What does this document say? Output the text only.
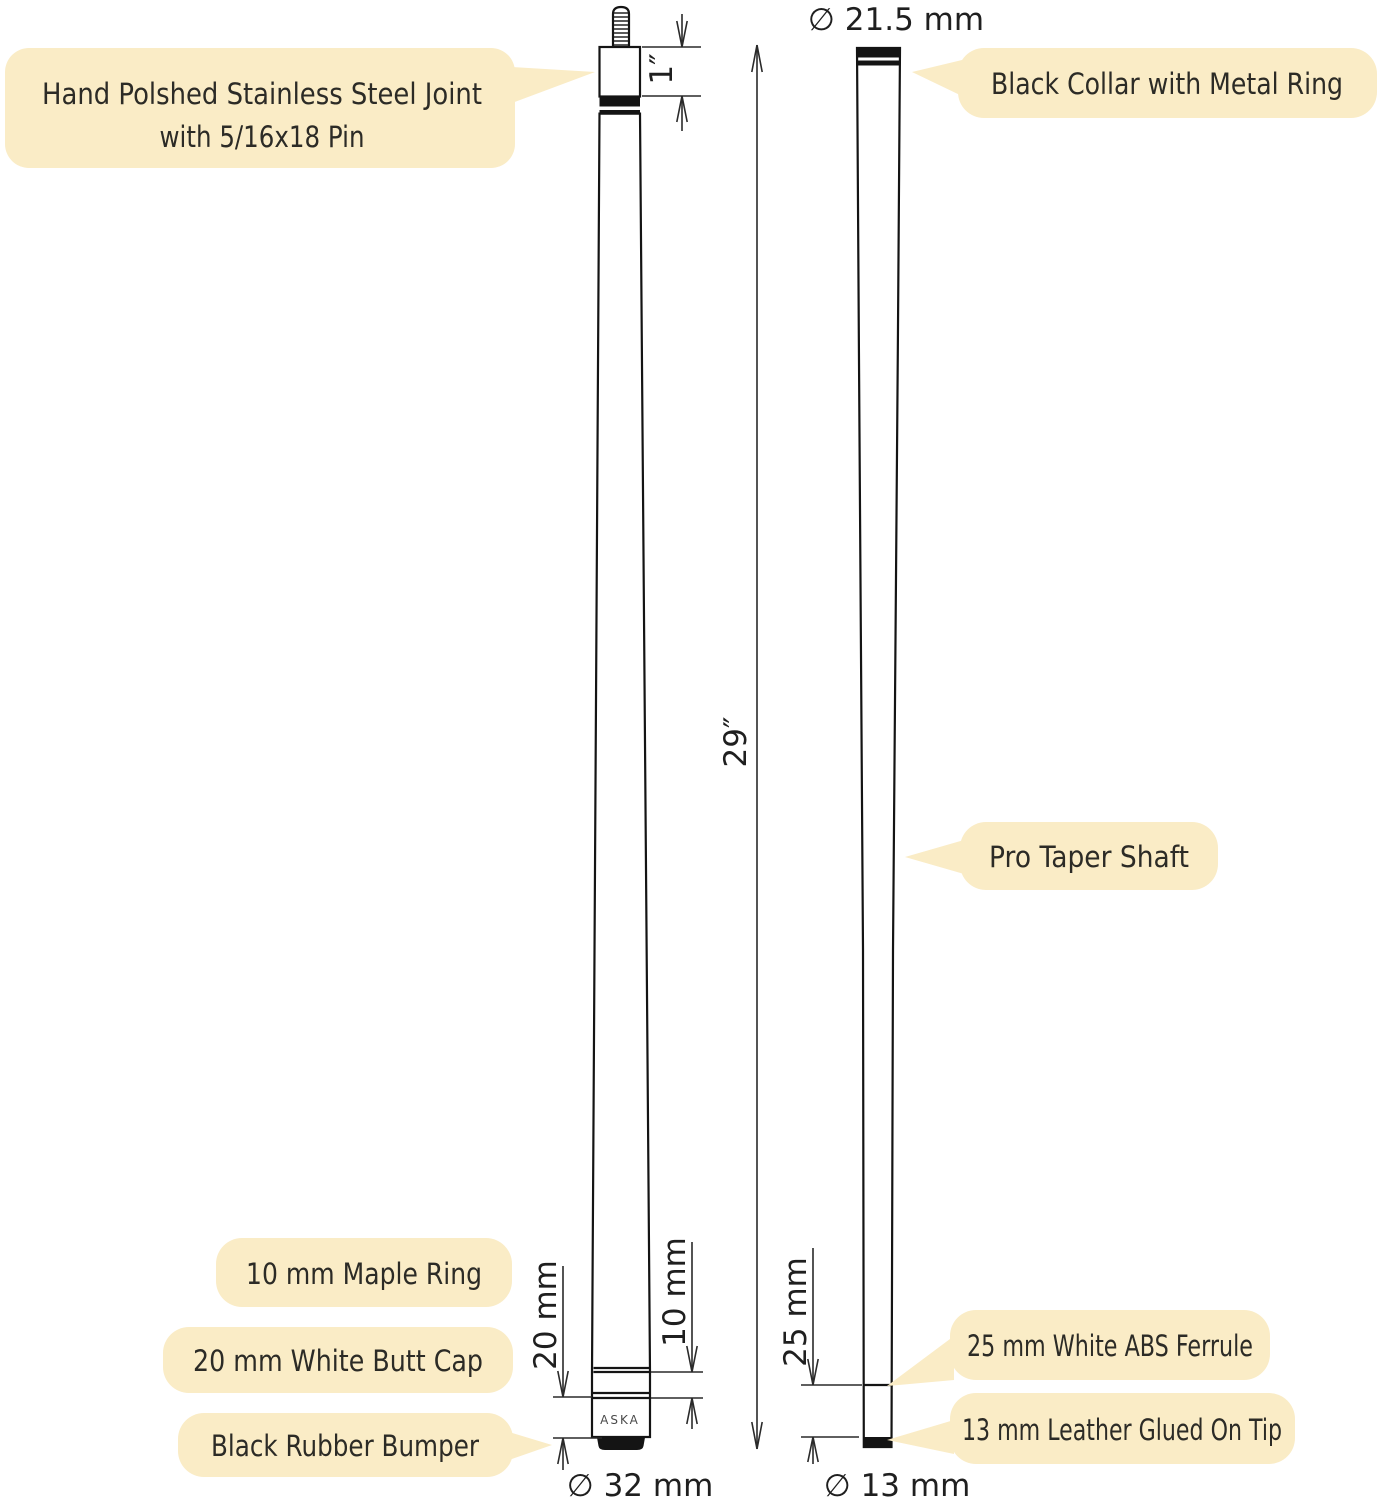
ASKA
29″
1″
∅ 21.5 mm
20 mm	10 mm	25 mm
∅ 32 mm	∅ 13 mm
Hand Polshed Stainless Steel Joint
with 5/16x18 Pin
Black Collar with Metal Ring
Pro Taper Shaft
10 mm Maple Ring
20 mm White Butt Cap
Black Rubber Bumper
25 mm White ABS Ferrule
13 mm Leather Glued On Tip
